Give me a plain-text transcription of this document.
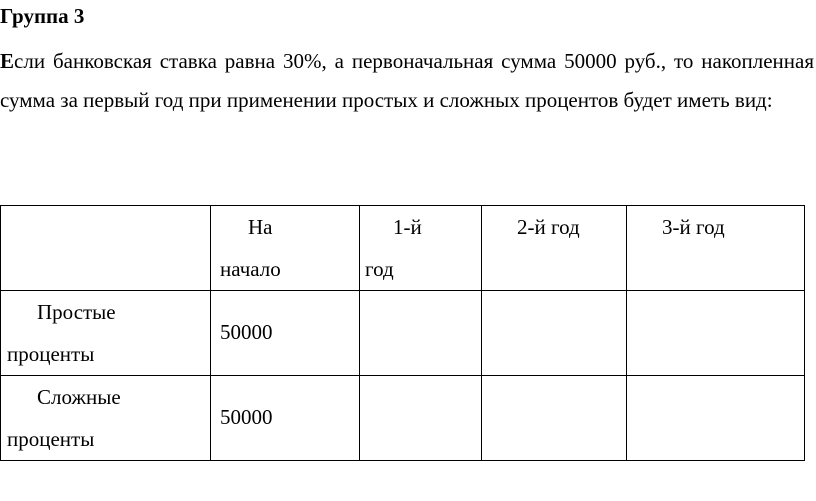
Группа 3
Если банковская ставка равна 30%, а первоначальная сумма 50000 руб., то накопленная сумма за первый год при применении простых и сложных процентов будет иметь вид:

	На
начало	1-й
год	2-й год	3-й год

Простые
проценты	50000			

Сложные
проценты	50000			
